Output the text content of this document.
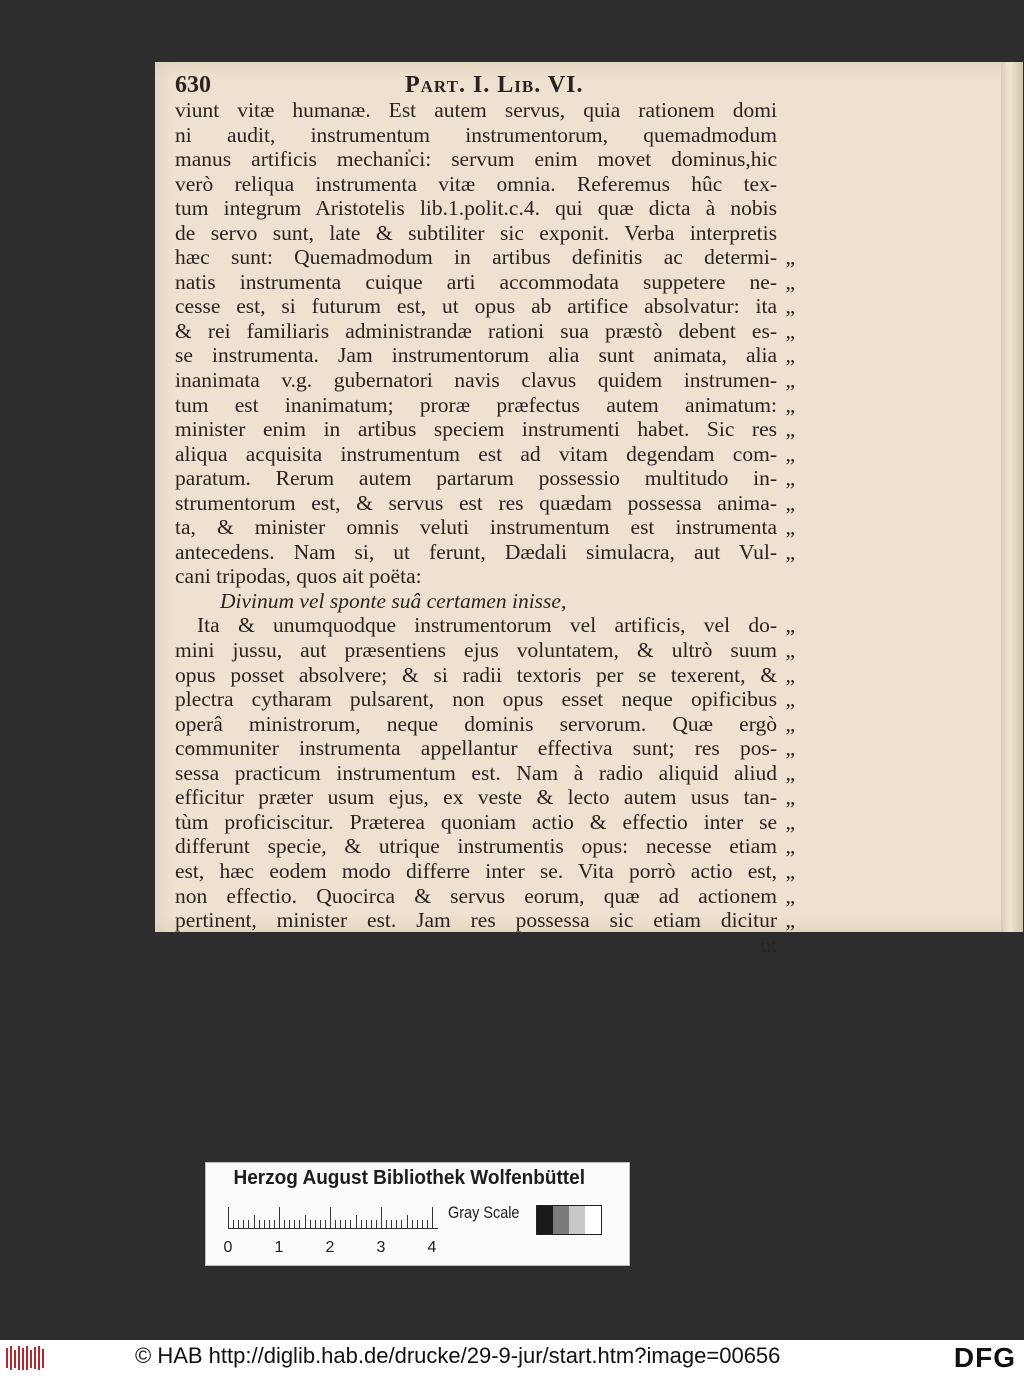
630	Part. I. Lib. VI.
viunt vitæ humanæ. Est autem servus, quia rationem domi
ni audit, instrumentum instrumentorum, quemadmodum
manus artificis mechanici: servum enim movet dominus,hic
verò reliqua instrumenta vitæ omnia. Referemus hûc tex-
tum integrum Aristotelis lib.1.polit.c.4. qui quæ dicta à nobis
de servo sunt, late & subtiliter sic exponit. Verba interpretis
hæc sunt: Quemadmodum in artibus definitis ac determi- „
natis instrumenta cuique arti accommodata suppetere ne- „
cesse est, si futurum est, ut opus ab artifice absolvatur: ita „
& rei familiaris administrandæ rationi sua præstò debent es- „
se instrumenta. Jam instrumentorum alia sunt animata, alia „
inanimata v.g. gubernatori navis clavus quidem instrumen- „
tum est inanimatum; proræ præfectus autem animatum: „
minister enim in artibus speciem instrumenti habet. Sic res „
aliqua acquisita instrumentum est ad vitam degendam com- „
paratum. Rerum autem partarum possessio multitudo in- „
strumentorum est, & servus est res quædam possessa anima- „
ta, & minister omnis veluti instrumentum est instrumenta „
antecedens. Nam si, ut ferunt, Dædali simulacra, aut Vul- „
cani tripodas, quos ait poëta:
Divinum vel sponte suâ certamen inisse,
Ita & unumquodque instrumentorum vel artificis, vel do- „
mini jussu, aut præsentiens ejus voluntatem, & ultrò suum „
opus posset absolvere; & si radii textoris per se texerent, & „
plectra cytharam pulsarent, non opus esset neque opificibus „
operâ ministrorum, neque dominis servorum. Quæ ergò „
communiter instrumenta appellantur effectiva sunt; res pos- „
sessa practicum instrumentum est. Nam à radio aliquid aliud „
efficitur præter usum ejus, ex veste & lecto autem usus tan- „
tùm proficiscitur. Præterea quoniam actio & effectio inter se „
differunt specie, & utrique instrumentis opus: necesse etiam „
est, hæc eodem modo differre inter se. Vita porrò actio est, „
non effectio. Quocirca & servus eorum, quæ ad actionem „
pertinent, minister est. Jam res possessa sic etiam dicitur „
ut
Herzog August Bibliothek Wolfenbüttel
0	1	2	3	4
Gray Scale
© HAB http://diglib.hab.de/drucke/29-9-jur/start.htm?image=00656	DFG
